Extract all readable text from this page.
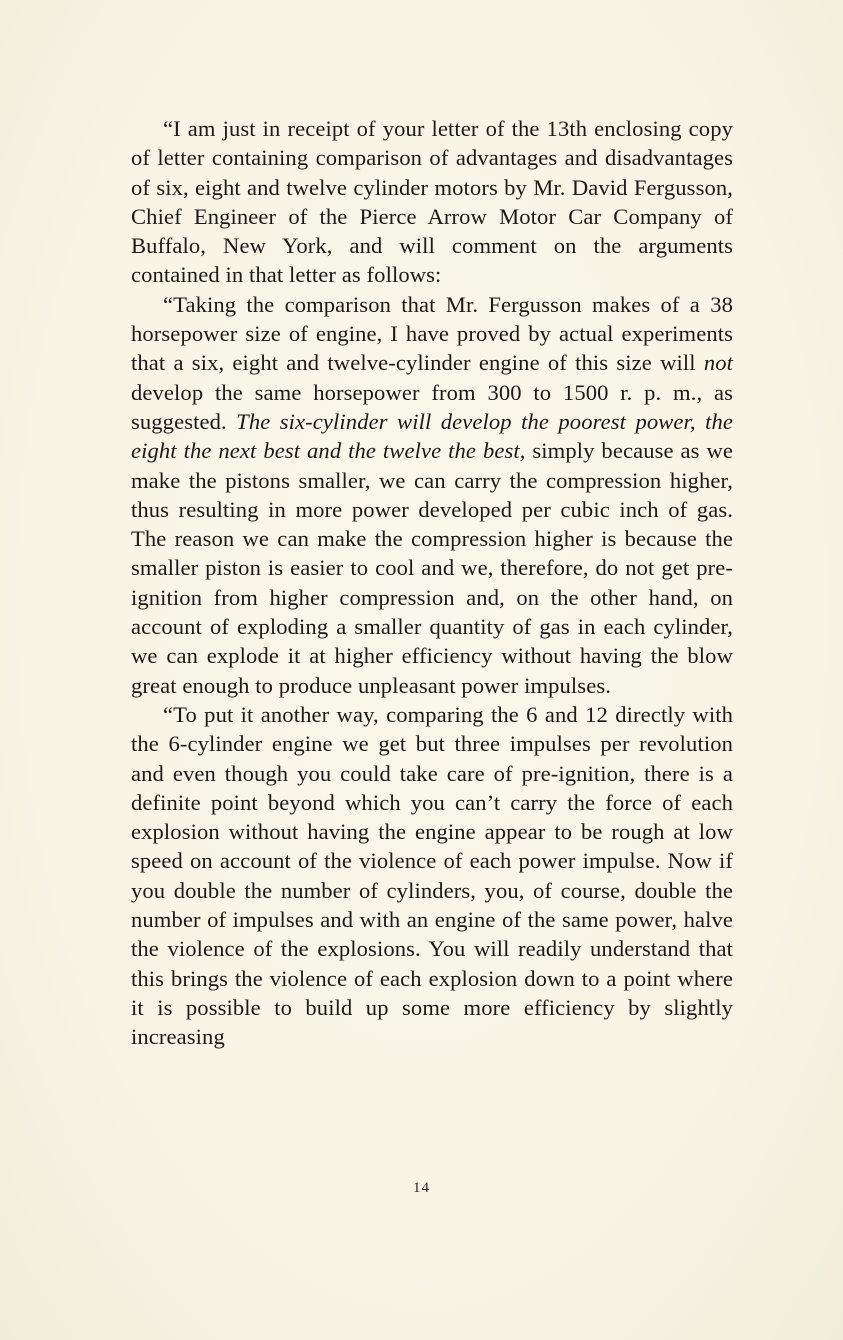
“I am just in receipt of your letter of the 13th enclosing copy of letter containing comparison of advantages and disadvantages of six, eight and twelve cylinder motors by Mr. David Fergusson, Chief Engineer of the Pierce Arrow Motor Car Company of Buffalo, New York, and will comment on the arguments contained in that letter as follows:

“Taking the comparison that Mr. Fergusson makes of a 38 horsepower size of engine, I have proved by actual experiments that a six, eight and twelve-cylinder engine of this size will not develop the same horsepower from 300 to 1500 r. p. m., as suggested. The six-cylinder will develop the poorest power, the eight the next best and the twelve the best, simply because as we make the pistons smaller, we can carry the compression higher, thus resulting in more power developed per cubic inch of gas. The reason we can make the compression higher is because the smaller piston is easier to cool and we, therefore, do not get pre-ignition from higher compression and, on the other hand, on account of exploding a smaller quantity of gas in each cylinder, we can explode it at higher efficiency without having the blow great enough to produce unpleasant power impulses.

“To put it another way, comparing the 6 and 12 directly with the 6-cylinder engine we get but three impulses per revolution and even though you could take care of pre-ignition, there is a definite point beyond which you can’t carry the force of each explosion without having the engine appear to be rough at low speed on account of the violence of each power impulse. Now if you double the number of cylinders, you, of course, double the number of impulses and with an engine of the same power, halve the violence of the explosions. You will readily understand that this brings the violence of each explosion down to a point where it is possible to build up some more efficiency by slightly increasing

14
